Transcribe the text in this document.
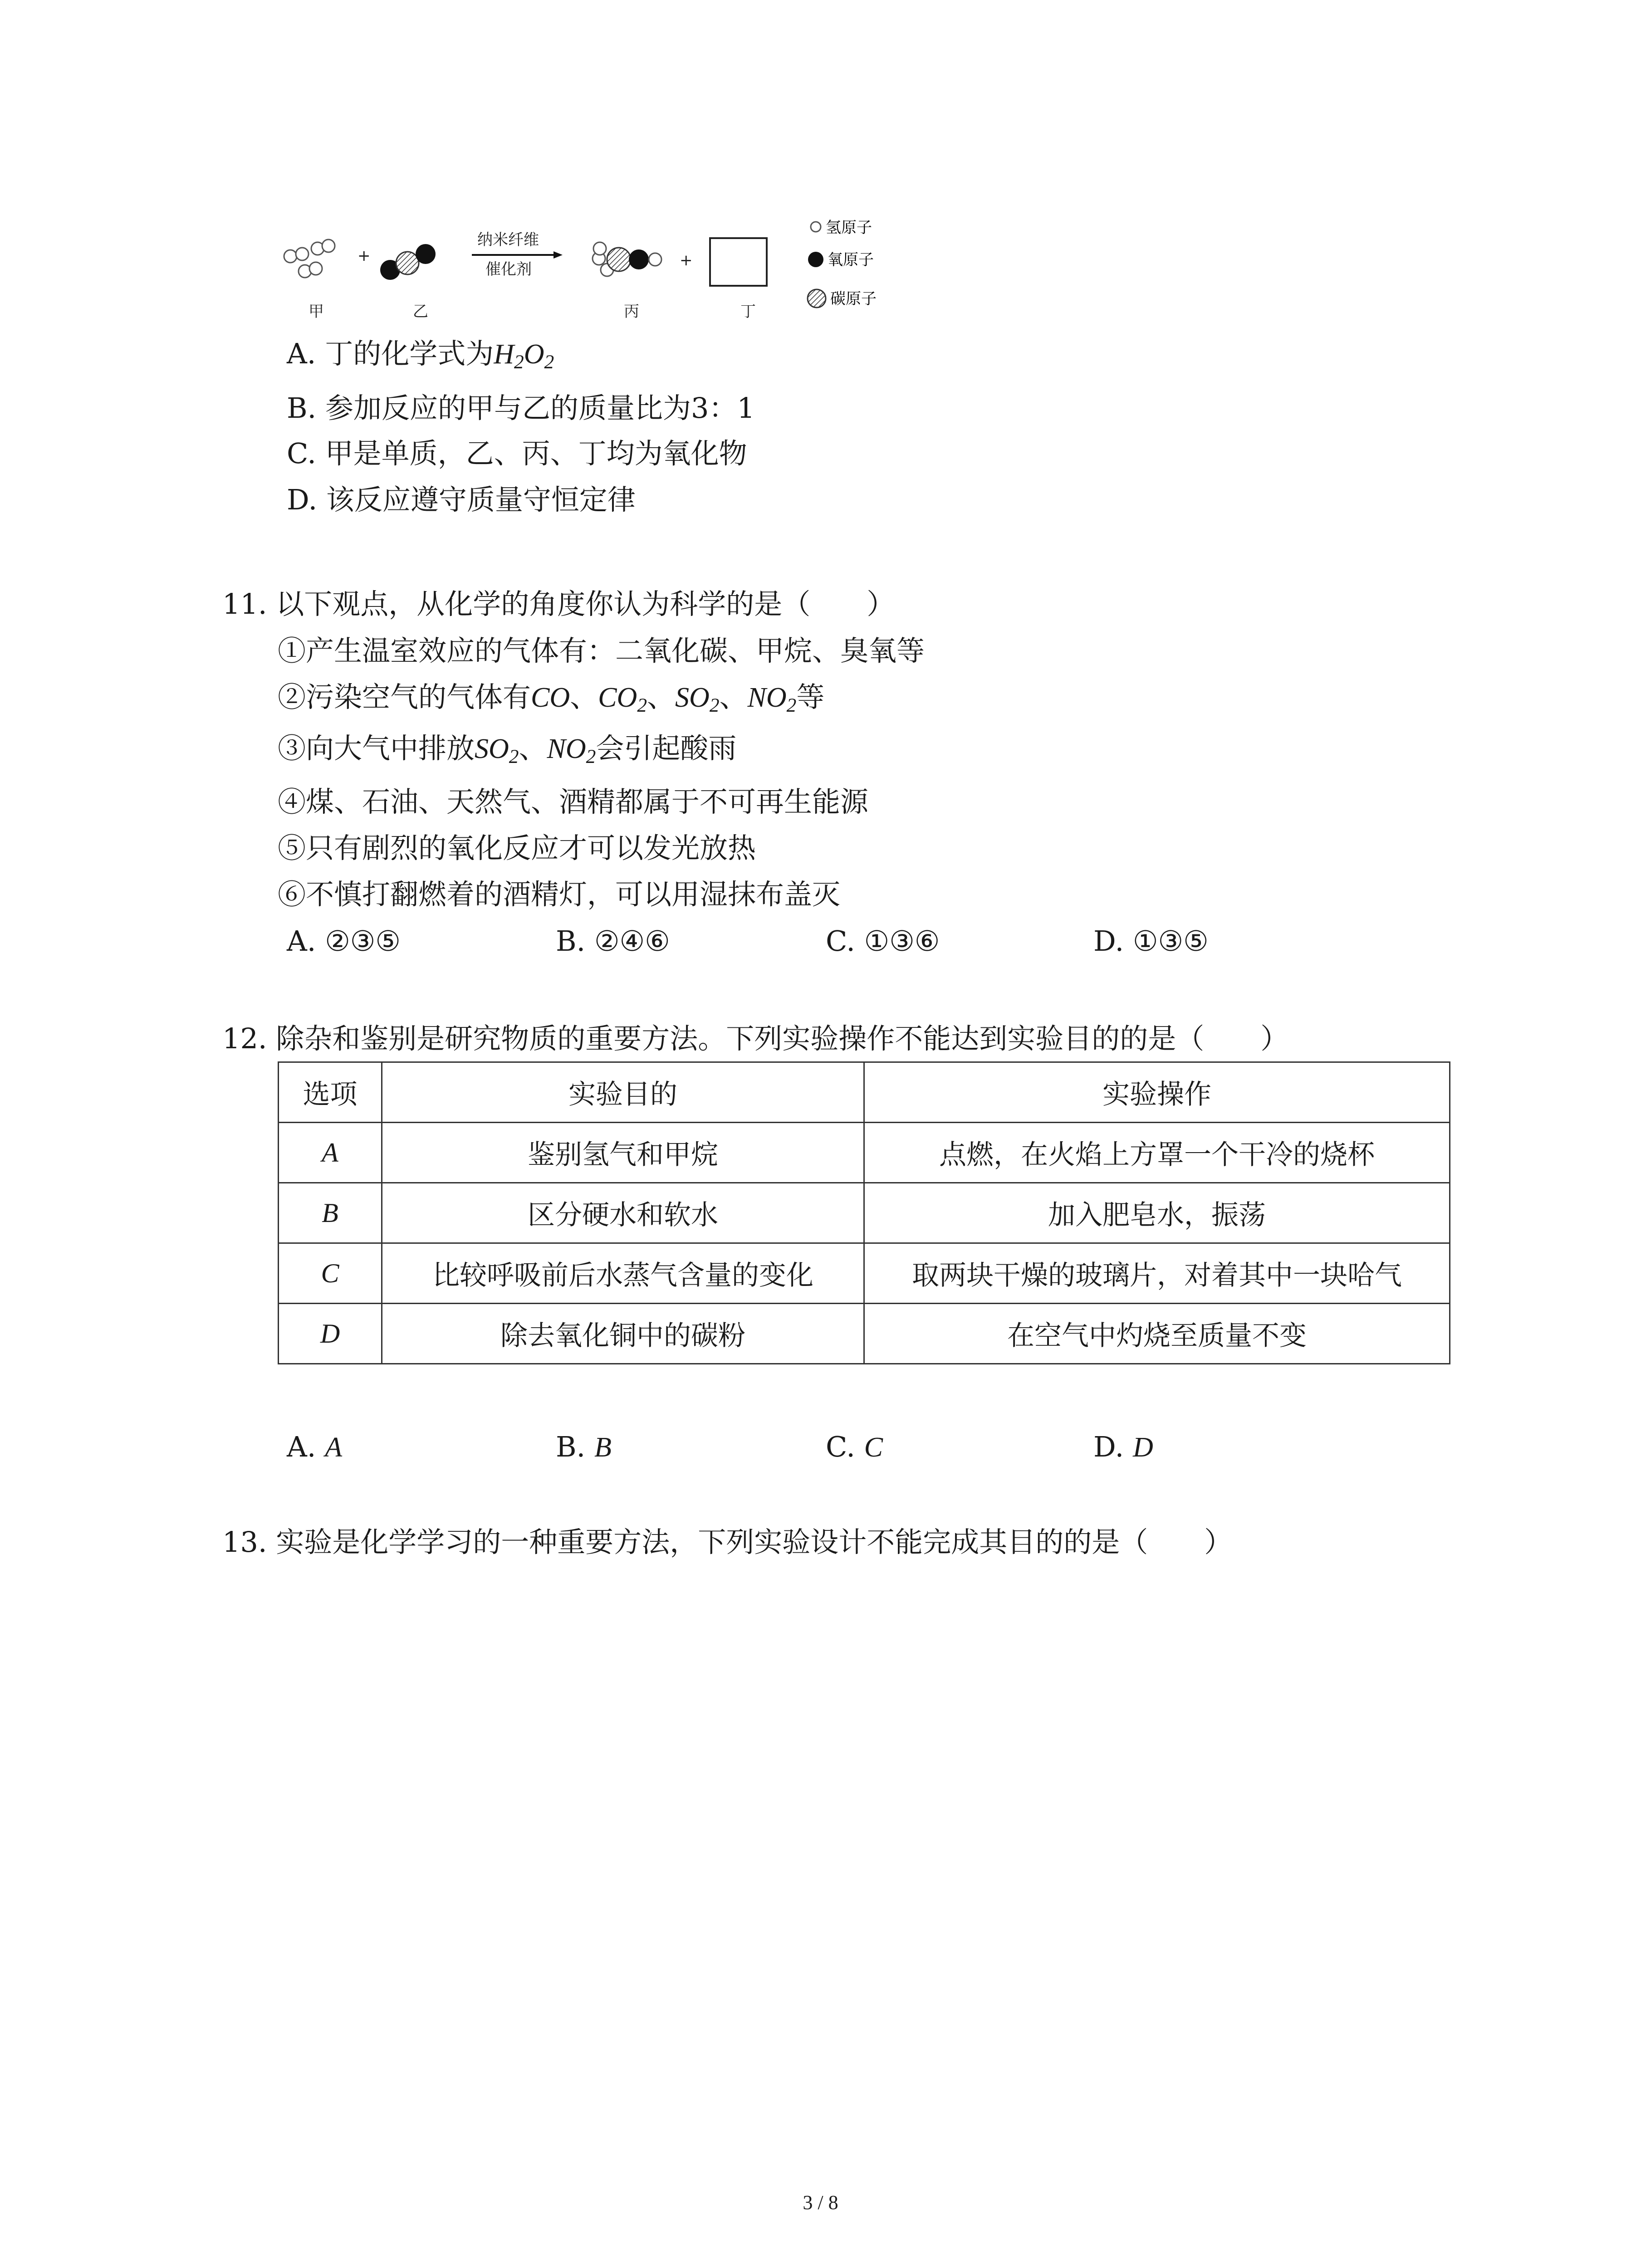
+
纳米纤维
催化剂	+
甲	乙	丙	丁
氢原子
氧原子
碳原子
A. 丁的化学式为$H_2O_2$
B. 参加反应的甲与乙的质量比为3：1
C. 甲是单质，乙、丙、丁均为氧化物
D. 该反应遵守质量守恒定律
11. 以下观点，从化学的角度你认为科学的是（　　）
①产生温室效应的气体有：二氧化碳、甲烷、臭氧等
②污染空气的气体有CO、$CO_2$、$SO_2$、$NO_2$等
③向大气中排放$SO_2$、$NO_2$会引起酸雨
④煤、石油、天然气、酒精都属于不可再生能源
⑤只有剧烈的氧化反应才可以发光放热
⑥不慎打翻燃着的酒精灯，可以用湿抹布盖灭
A. ②③⑤	B. ②④⑥	C. ①③⑥	D. ①③⑤
12. 除杂和鉴别是研究物质的重要方法。下列实验操作不能达到实验目的的是（　　）
选项	实验目的	实验操作
A	鉴别氢气和甲烷	点燃，在火焰上方罩一个干冷的烧杯
B	区分硬水和软水	加入肥皂水，振荡
C	比较呼吸前后水蒸气含量的变化	取两块干燥的玻璃片，对着其中一块哈气
D	除去氧化铜中的碳粉	在空气中灼烧至质量不变
A. A	B. B	C. C	D. D
13. 实验是化学学习的一种重要方法，下列实验设计不能完成其目的的是（　　）
3 / 8
